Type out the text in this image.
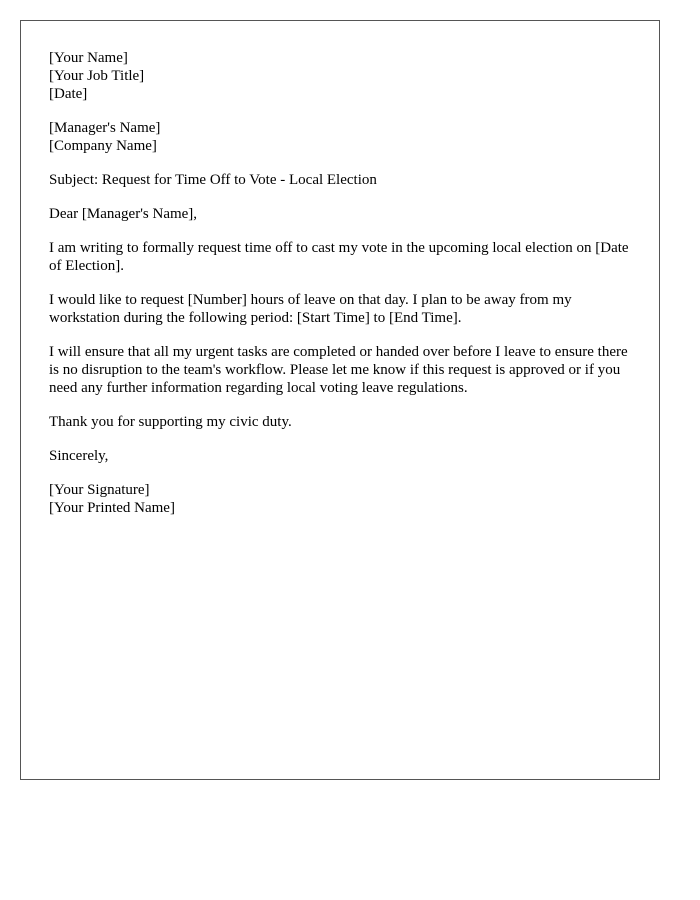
[Your Name]
[Your Job Title]
[Date]
[Manager's Name]
[Company Name]

Subject: Request for Time Off to Vote - Local Election

Dear [Manager's Name],

I am writing to formally request time off to cast my vote in the upcoming local election on [Date of Election].

I would like to request [Number] hours of leave on that day. I plan to be away from my workstation during the following period: [Start Time] to [End Time].

I will ensure that all my urgent tasks are completed or handed over before I leave to ensure there is no disruption to the team's workflow. Please let me know if this request is approved or if you need any further information regarding local voting leave regulations.

Thank you for supporting my civic duty.

Sincerely,

[Your Signature]
[Your Printed Name]
